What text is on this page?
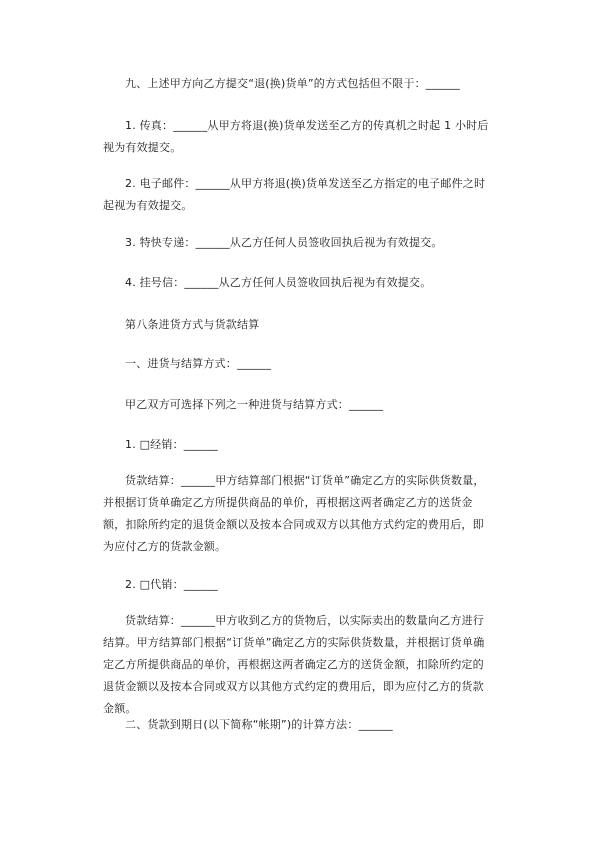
九、上述甲方向乙方提交“退(换)货单”的方式包括但不限于：______

1. 传真：______从甲方将退(换)货单发送至乙方的传真机之时起 1 小时后视为有效提交。

2. 电子邮件：______从甲方将退(换)货单发送至乙方指定的电子邮件之时起视为有效提交。

3. 特快专递：______从乙方任何人员签收回执后视为有效提交。

4. 挂号信：______从乙方任何人员签收回执后视为有效提交。

第八条进货方式与货款结算

一、进货与结算方式：______

甲乙双方可选择下列之一种进货与结算方式：______

1. □经销：______

货款结算：______甲方结算部门根据“订货单”确定乙方的实际供货数量，并根据订货单确定乙方所提供商品的单价，再根据这两者确定乙方的送货金额，扣除所约定的退货金额以及按本合同或双方以其他方式约定的费用后，即为应付乙方的货款金额。

2. □代销：______

货款结算：______甲方收到乙方的货物后，以实际卖出的数量向乙方进行结算。甲方结算部门根据“订货单”确定乙方的实际供货数量，并根据订货单确定乙方所提供商品的单价，再根据这两者确定乙方的送货金额，扣除所约定的退货金额以及按本合同或双方以其他方式约定的费用后，即为应付乙方的货款金额。

二、货款到期日(以下简称“帐期”)的计算方法：______
